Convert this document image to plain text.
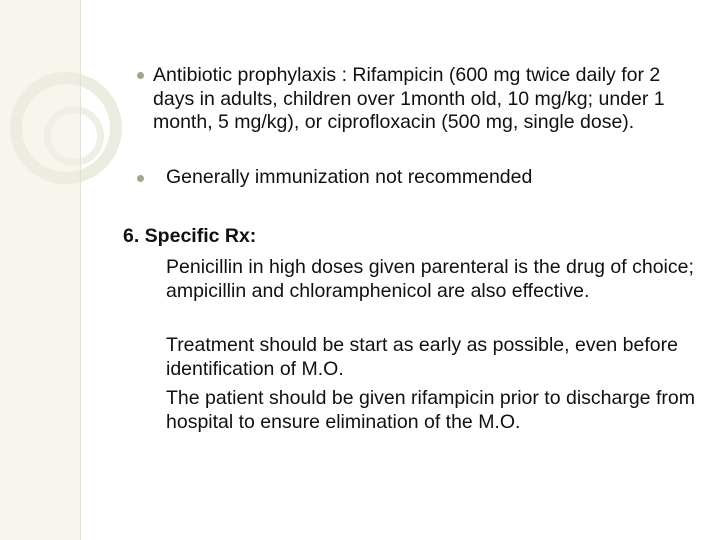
Antibiotic prophylaxis : Rifampicin (600 mg twice daily for 2 days in adults, children over 1month old, 10 mg/kg; under 1 month, 5 mg/kg), or ciprofloxacin (500 mg, single dose).

Generally immunization not recommended

6. Specific Rx:

Penicillin in high doses given parenteral is the drug of choice; ampicillin and chloramphenicol are also effective.

Treatment should be start as early as possible, even before identification of M.O.

The patient should be given rifampicin prior to discharge from hospital to ensure elimination of the M.O.
